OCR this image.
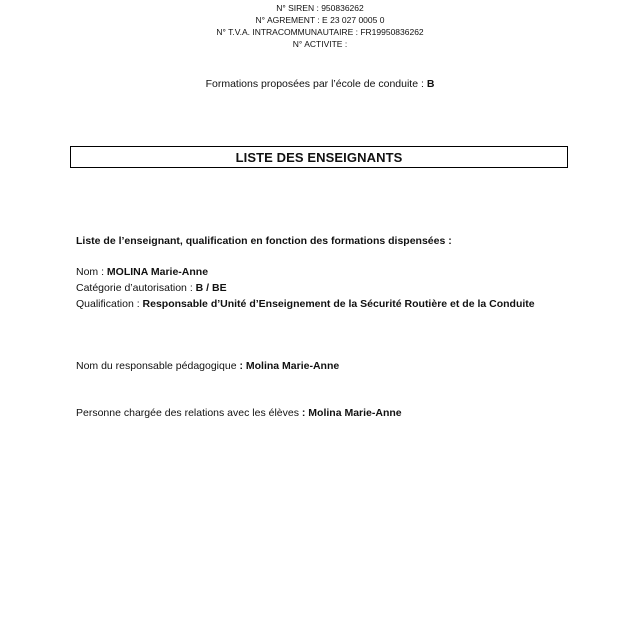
N° SIREN : 950836262
N° AGREMENT : E 23 027 0005 0
N° T.V.A. INTRACOMMUNAUTAIRE : FR19950836262
N° ACTIVITE :
Formations proposées par l’école de conduite : B
LISTE DES ENSEIGNANTS
Liste de l’enseignant, qualification en fonction des formations dispensées :
Nom : MOLINA Marie-Anne
Catégorie d’autorisation : B / BE
Qualification : Responsable d’Unité d’Enseignement de la Sécurité Routière et de la Conduite
Nom du responsable pédagogique : Molina Marie-Anne
Personne chargée des relations avec les élèves : Molina Marie-Anne
